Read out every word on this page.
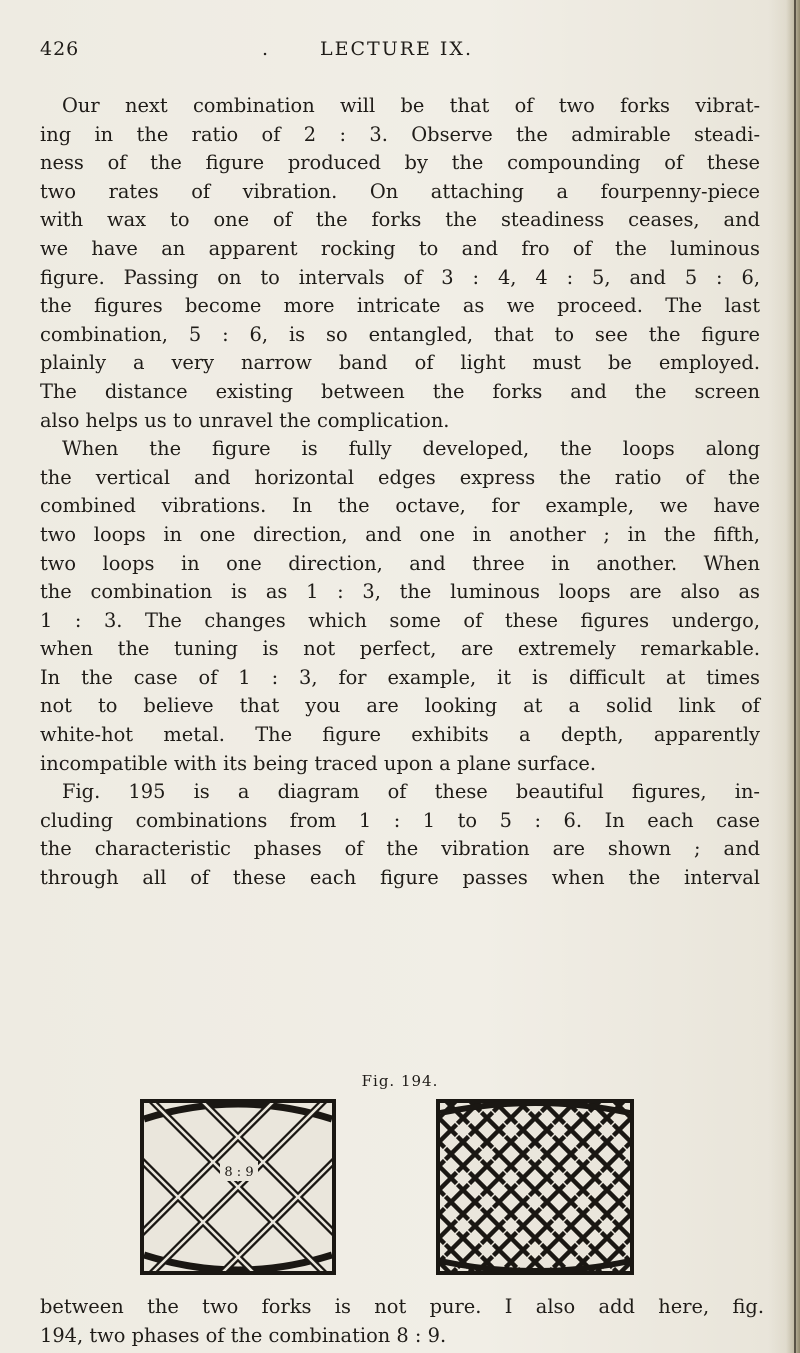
426	.	LECTURE IX.
Our next combination will be that of two forks vibrat-
ing in the ratio of 2 : 3. Observe the admirable steadi-
ness of the figure produced by the compounding of these
two rates of vibration. On attaching a fourpenny-piece
with wax to one of the forks the steadiness ceases, and
we have an apparent rocking to and fro of the luminous
figure. Passing on to intervals of 3 : 4, 4 : 5, and 5 : 6,
the figures become more intricate as we proceed. The last
combination, 5 : 6, is so entangled, that to see the figure
plainly a very narrow band of light must be employed.
The distance existing between the forks and the screen
also helps us to unravel the complication.
When the figure is fully developed, the loops along
the vertical and horizontal edges express the ratio of the
combined vibrations. In the octave, for example, we have
two loops in one direction, and one in another ; in the fifth,
two loops in one direction, and three in another. When
the combination is as 1 : 3, the luminous loops are also as
1 : 3. The changes which some of these figures undergo,
when the tuning is not perfect, are extremely remarkable.
In the case of 1 : 3, for example, it is difficult at times
not to believe that you are looking at a solid link of
white-hot metal. The figure exhibits a depth, apparently
incompatible with its being traced upon a plane surface.
Fig. 195 is a diagram of these beautiful figures, in-
cluding combinations from 1 : 1 to 5 : 6. In each case
the characteristic phases of the vibration are shown ; and
through all of these each figure passes when the interval
Fig. 194.
8 : 9
between the two forks is not pure. I also add here, fig.
194, two phases of the combination 8 : 9.
